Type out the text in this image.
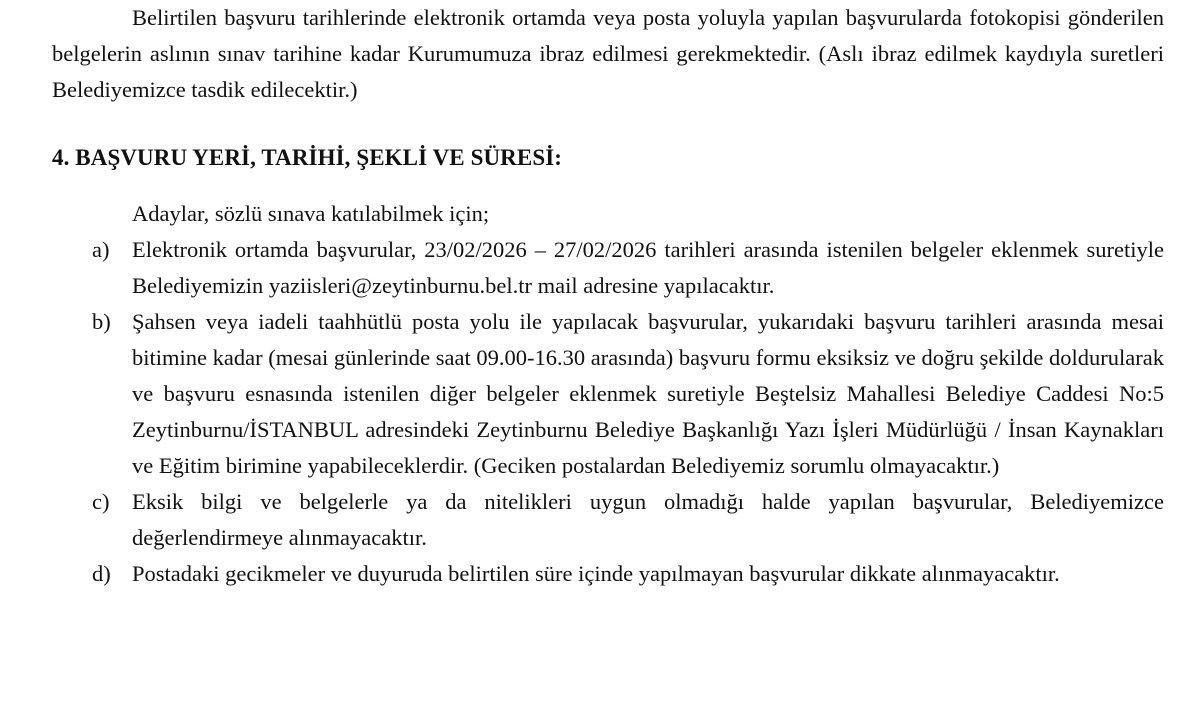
Belirtilen başvuru tarihlerinde elektronik ortamda veya posta yoluyla yapılan başvurularda fotokopisi gönderilen belgelerin aslının sınav tarihine kadar Kurumumuza ibraz edilmesi gerekmektedir. (Aslı ibraz edilmek kaydıyla suretleri Belediyemizce tasdik edilecektir.)

4. BAŞVURU YERİ, TARİHİ, ŞEKLİ VE SÜRESİ:

Adaylar, sözlü sınava katılabilmek için;

a) Elektronik ortamda başvurular, 23/02/2026 – 27/02/2026 tarihleri arasında istenilen belgeler eklenmek suretiyle Belediyemizin yaziisleri@zeytinburnu.bel.tr mail adresine yapılacaktır.
b) Şahsen veya iadeli taahhütlü posta yolu ile yapılacak başvurular, yukarıdaki başvuru tarihleri arasında mesai bitimine kadar (mesai günlerinde saat 09.00-16.30 arasında) başvuru formu eksiksiz ve doğru şekilde doldurularak ve başvuru esnasında istenilen diğer belgeler eklenmek suretiyle Beştelsiz Mahallesi Belediye Caddesi No:5 Zeytinburnu/İSTANBUL adresindeki Zeytinburnu Belediye Başkanlığı Yazı İşleri Müdürlüğü / İnsan Kaynakları ve Eğitim birimine yapabileceklerdir. (Geciken postalardan Belediyemiz sorumlu olmayacaktır.)
c) Eksik bilgi ve belgelerle ya da nitelikleri uygun olmadığı halde yapılan başvurular, Belediyemizce değerlendirmeye alınmayacaktır.
d) Postadaki gecikmeler ve duyuruda belirtilen süre içinde yapılmayan başvurular dikkate alınmayacaktır.
